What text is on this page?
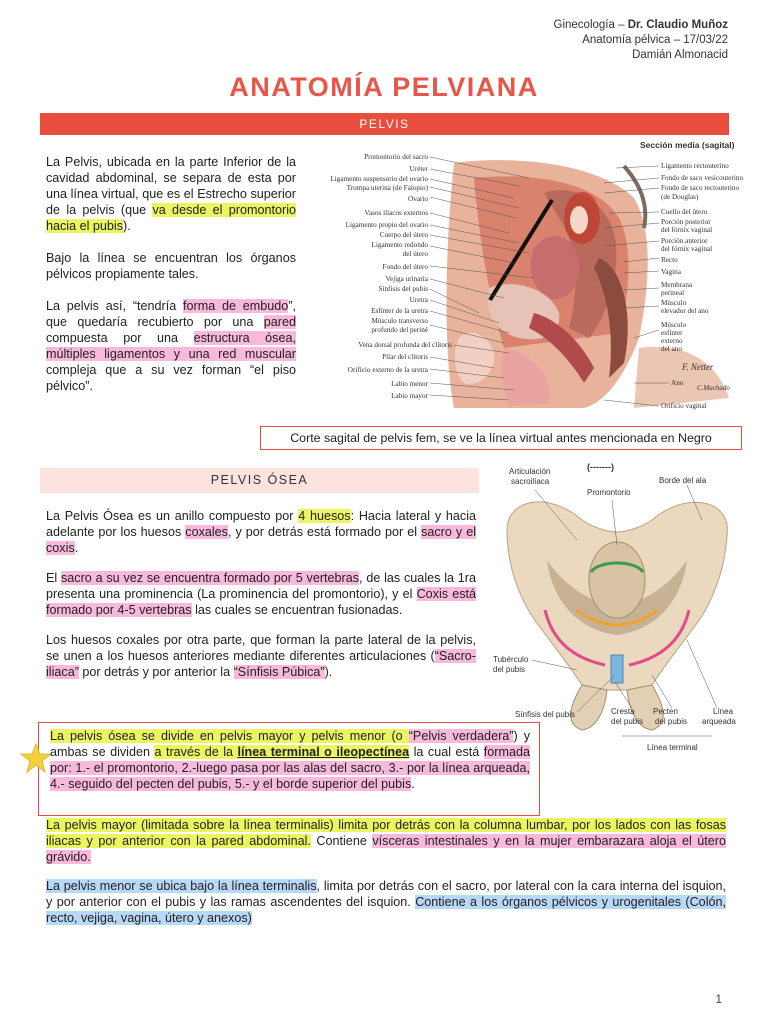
Ginecología – Dr. Claudio Muñoz
Anatomía pélvica – 17/03/22
Damián Almonacid
ANATOMÍA PELVIANA
PELVIS
La Pelvis, ubicada en la parte Inferior de la cavidad abdominal, se separa de esta por una línea virtual, que es el Estrecho superior de la pelvis (que va desde el promontorio hacia el pubis).
Bajo la línea se encuentran los órganos pélvicos propiamente tales.
La pelvis así, “tendría forma de embudo”, que quedaría recubierto por una pared compuesta por una estructura ósea, múltiples ligamentos y una red muscular compleja que a su vez forman “el piso pélvico”.
Sección media (sagital)
Promontorio del sacro
Uréter
Ligamento suspensorio del ovario
Trompa uterina (de Falopio)
Ovario
Vasos ilíacos externos
Ligamento propio del ovario
Cuerpo del útero
Ligamento redondo
del útero
Fondo del útero
Vejiga urinaria
Sínfisis del pubis
Uretra
Esfínter de la uretra
Músculo transverso
profundo del periné
Vena dorsal profunda del clítoris
Pilar del clítoris
Orificio externo de la uretra
Labio menor
Labio mayor
Ligamento rectouterino
Fondo de saco vesicouterino
Fondo de saco rectouterino
(de Douglas)
Cuello del útero
Porción posterior
del fórnix vaginal
Porción anterior
del fórnix vaginal
Recto
Vagina
Membrana
perineal
Músculo
elevador del ano
Músculo
esfínter
externo
del ano
Ano
Orificio vaginal
F. Netter
C.Machado
Corte sagital de pelvis fem, se ve la línea virtual antes mencionada en Negro
PELVIS ÓSEA
La Pelvis Ósea es un anillo compuesto por 4 huesos: Hacia lateral y hacia adelante por los huesos coxales, y por detrás está formado por el sacro y el coxis.
El sacro a su vez se encuentra formado por 5 vertebras, de las cuales la 1ra presenta una prominencia (La prominencia del promontorio), y el Coxis está formado por 4-5 vertebras las cuales se encuentran fusionadas.
Los huesos coxales por otra parte, que forman la parte lateral de la pelvis, se unen a los huesos anteriores mediante diferentes articulaciones (“Sacro-iliaca” por detrás y por anterior la “Sínfisis Púbica”).
(-------)
Articulación
sacroilíaca
Promontorio
Borde del ala
Tubérculo
del pubis
Sínfisis del pubis	Cresta
del pubis
Pecten
del pubis
Línea
arqueada
Línea terminal
La pelvis ósea se divide en pelvis mayor y pelvis menor (o “Pelvis verdadera”) y ambas se dividen a través de la línea terminal o ileopectínea la cual está formada por: 1.- el promontorio, 2.-luego pasa por las alas del sacro, 3.- por la línea arqueada, 4.- seguido del pecten del pubis, 5.- y el borde superior del pubis.
La pelvis mayor (limitada sobre la línea terminalis) limita por detrás con la columna lumbar, por los lados con las fosas iliacas y por anterior con la pared abdominal. Contiene vísceras intestinales y en la mujer embarazara aloja el útero grávido.
La pelvis menor se ubica bajo la línea terminalis, limita por detrás con el sacro, por lateral con la cara interna del isquion, y por anterior con el pubis y las ramas ascendentes del isquion. Contiene a los órganos pélvicos y urogenitales (Colón, recto, vejiga, vagina, útero y anexos)
1
